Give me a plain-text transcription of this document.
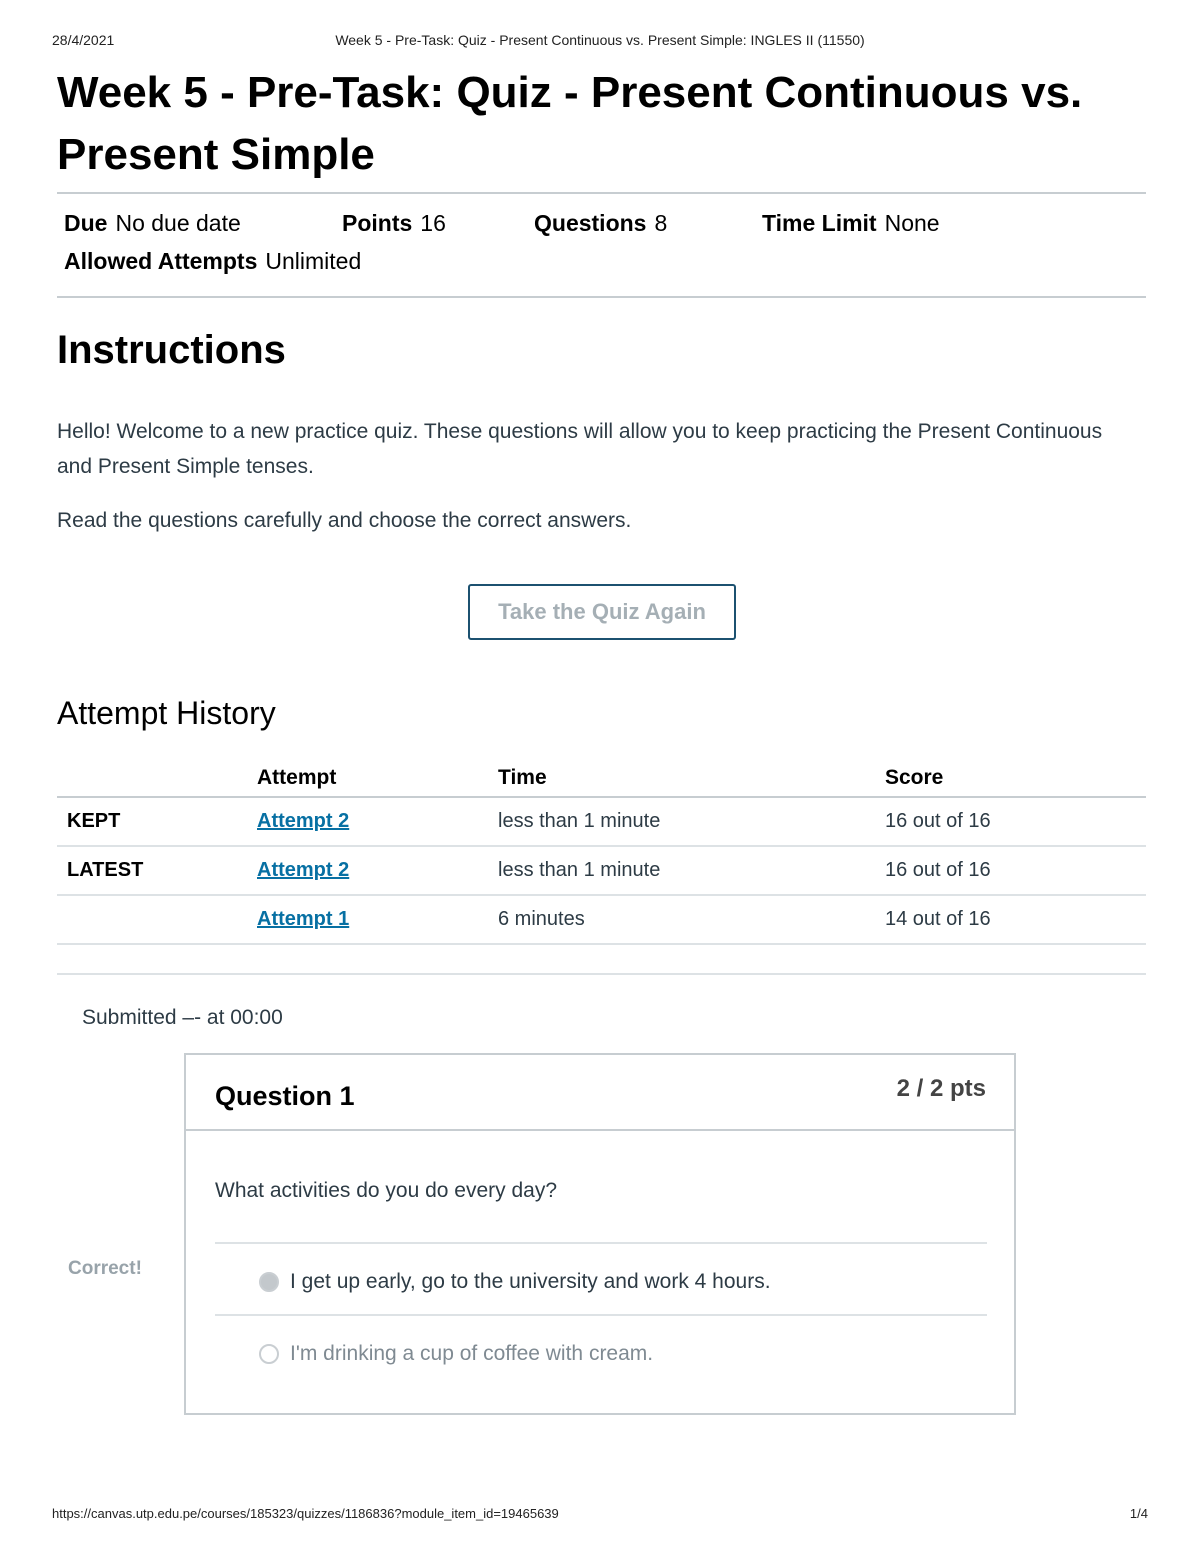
28/4/2021	Week 5 - Pre-Task: Quiz - Present Continuous vs. Present Simple: INGLES II (11550)
Week 5 - Pre-Task: Quiz - Present Continuous vs. Present Simple
Due No due date	Points 16	Questions 8	Time Limit None
Allowed Attempts Unlimited
Instructions

Hello! Welcome to a new practice quiz. These questions will allow you to keep practicing the Present Continuous and Present Simple tenses.

Read the questions carefully and choose the correct answers.

Take the Quiz Again
Attempt History
	Attempt	Time	Score
KEPT	Attempt 2	less than 1 minute	16 out of 16
LATEST	Attempt 2	less than 1 minute	16 out of 16
	Attempt 1	6 minutes	14 out of 16
Submitted –- at 00:00
Correct!
Question 1	2 / 2 pts
What activities do you do every day?
I get up early, go to the university and work 4 hours.
I'm drinking a cup of coffee with cream.
https://canvas.utp.edu.pe/courses/185323/quizzes/1186836?module_item_id=19465639	1/4
